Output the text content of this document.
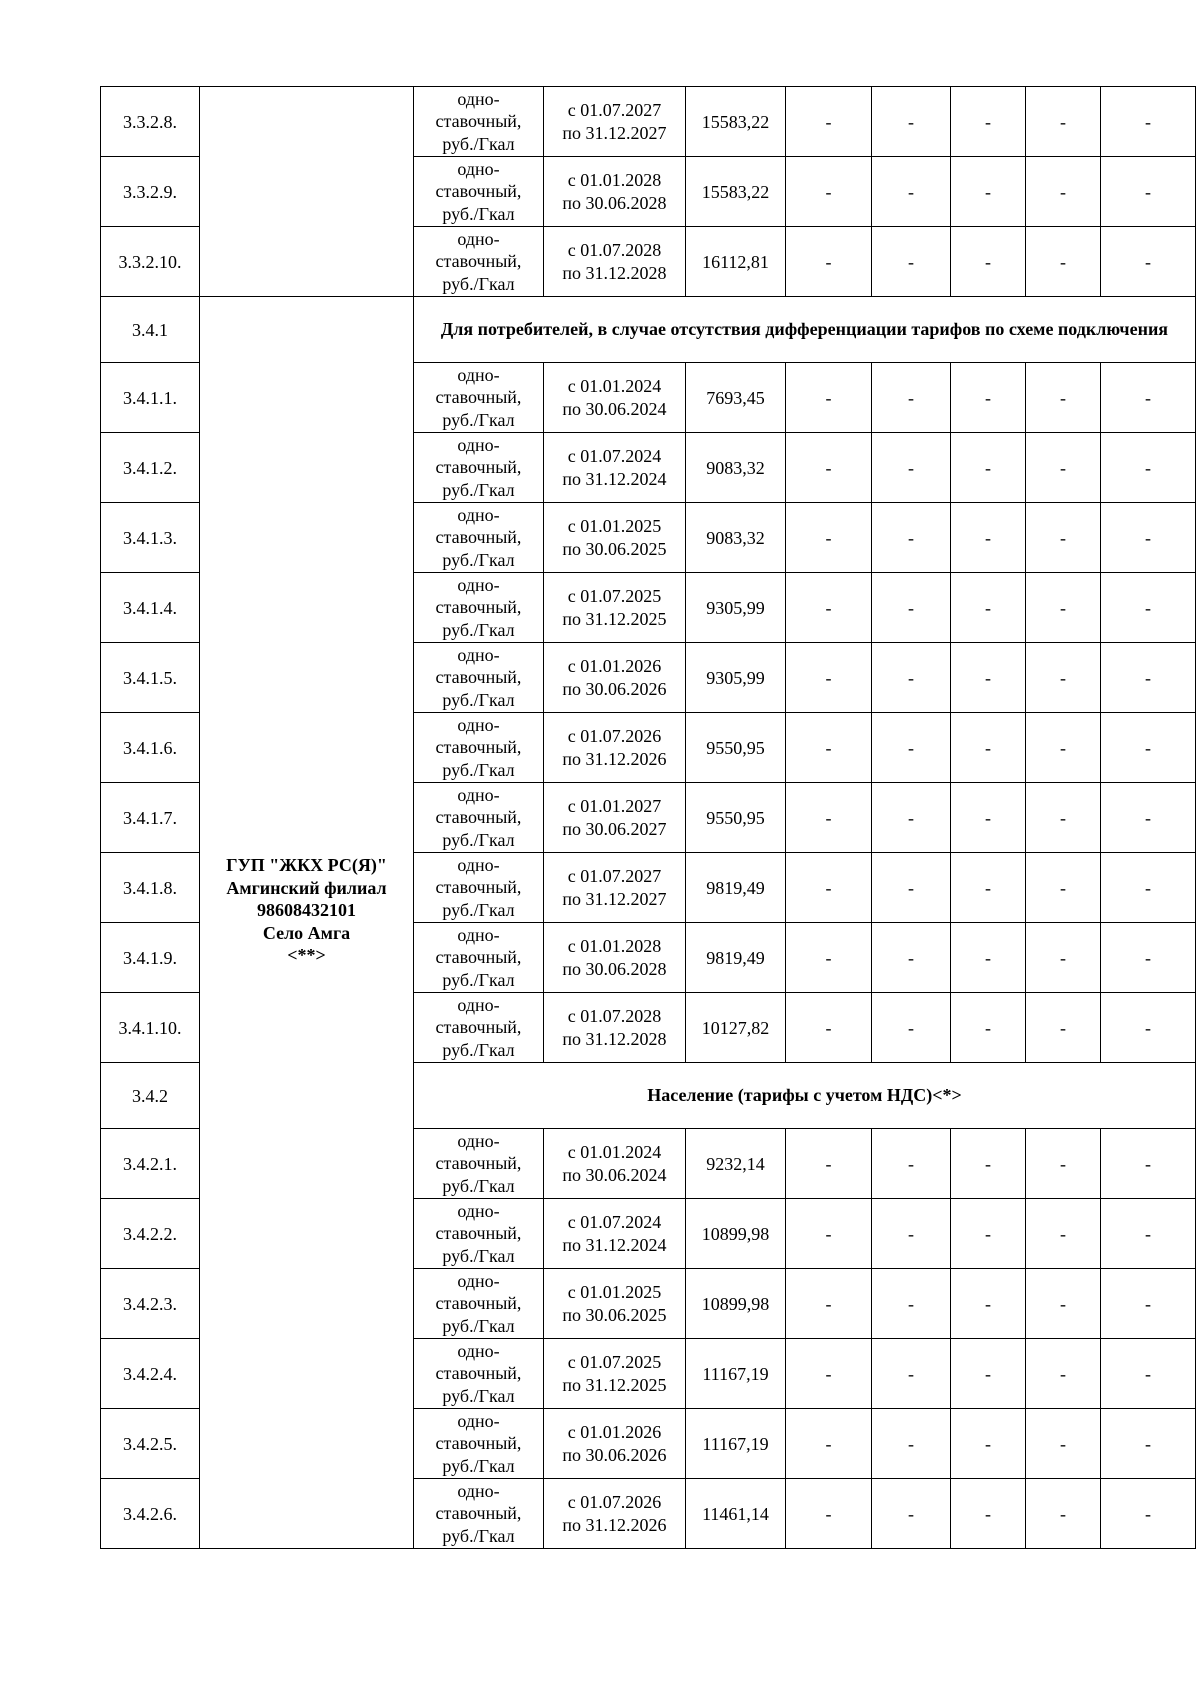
3.3.2.8.		одно-
ставочный,
руб./Гкал	с 01.07.2027
по 31.12.2027	15583,22	-	-	-	-	-
3.3.2.9.		одно-
ставочный,
руб./Гкал	с 01.01.2028
по 30.06.2028	15583,22	-	-	-	-	-
3.3.2.10.		одно-
ставочный,
руб./Гкал	с 01.07.2028
по 31.12.2028	16112,81	-	-	-	-	-
3.4.1	ГУП "ЖКХ РС(Я)"
Амгинский филиал
98608432101
Село Амга
<**>	Для потребителей, в случае отсутствия дифференциации тарифов по схеме подключения							
3.4.1.1.		одно-
ставочный,
руб./Гкал	с 01.01.2024
по 30.06.2024	7693,45	-	-	-	-	-
3.4.1.2.		одно-
ставочный,
руб./Гкал	с 01.07.2024
по 31.12.2024	9083,32	-	-	-	-	-
3.4.1.3.		одно-
ставочный,
руб./Гкал	с 01.01.2025
по 30.06.2025	9083,32	-	-	-	-	-
3.4.1.4.		одно-
ставочный,
руб./Гкал	с 01.07.2025
по 31.12.2025	9305,99	-	-	-	-	-
3.4.1.5.		одно-
ставочный,
руб./Гкал	с 01.01.2026
по 30.06.2026	9305,99	-	-	-	-	-
3.4.1.6.		одно-
ставочный,
руб./Гкал	с 01.07.2026
по 31.12.2026	9550,95	-	-	-	-	-
3.4.1.7.		одно-
ставочный,
руб./Гкал	с 01.01.2027
по 30.06.2027	9550,95	-	-	-	-	-
3.4.1.8.		одно-
ставочный,
руб./Гкал	с 01.07.2027
по 31.12.2027	9819,49	-	-	-	-	-
3.4.1.9.		одно-
ставочный,
руб./Гкал	с 01.01.2028
по 30.06.2028	9819,49	-	-	-	-	-
3.4.1.10.		одно-
ставочный,
руб./Гкал	с 01.07.2028
по 31.12.2028	10127,82	-	-	-	-	-
3.4.2		Население (тарифы с учетом НДС)<*>							
3.4.2.1.		одно-
ставочный,
руб./Гкал	с 01.01.2024
по 30.06.2024	9232,14	-	-	-	-	-
3.4.2.2.		одно-
ставочный,
руб./Гкал	с 01.07.2024
по 31.12.2024	10899,98	-	-	-	-	-
3.4.2.3.		одно-
ставочный,
руб./Гкал	с 01.01.2025
по 30.06.2025	10899,98	-	-	-	-	-
3.4.2.4.		одно-
ставочный,
руб./Гкал	с 01.07.2025
по 31.12.2025	11167,19	-	-	-	-	-
3.4.2.5.		одно-
ставочный,
руб./Гкал	с 01.01.2026
по 30.06.2026	11167,19	-	-	-	-	-
3.4.2.6.		одно-
ставочный,
руб./Гкал	с 01.07.2026
по 31.12.2026	11461,14	-	-	-	-	-
